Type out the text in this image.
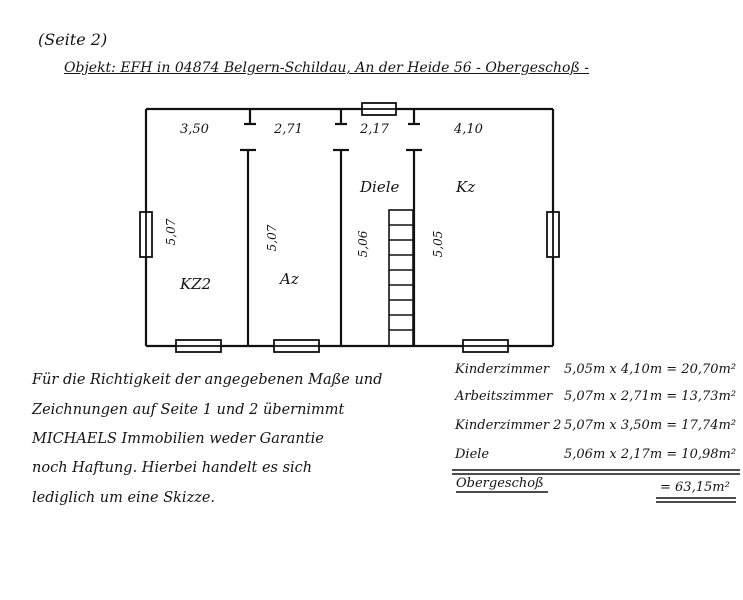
(Seite 2)
Objekt: EFH in 04874 Belgern-Schildau, An der Heide 56 - Obergeschoß -
3,50	2,71	2,17	4,10
5,07	5,07	5,06	5,05
KZ2	Az
Diele	Kz
Für die Richtigkeit der angegebenen Maße und
Zeichnungen auf Seite 1 und 2 übernimmt
MICHAELS Immobilien weder Garantie
noch Haftung. Hierbei handelt es sich
lediglich um eine Skizze.
Kinderzimmer 5,05m x 4,10m = 20,70m²
Arbeitszimmer 5,07m x 2,71m = 13,73m²
Kinderzimmer 2 5,07m x 3,50m = 17,74m²
Diele	5,06m x 2,17m = 10,98m²
Obergeschoß	= 63,15m²
